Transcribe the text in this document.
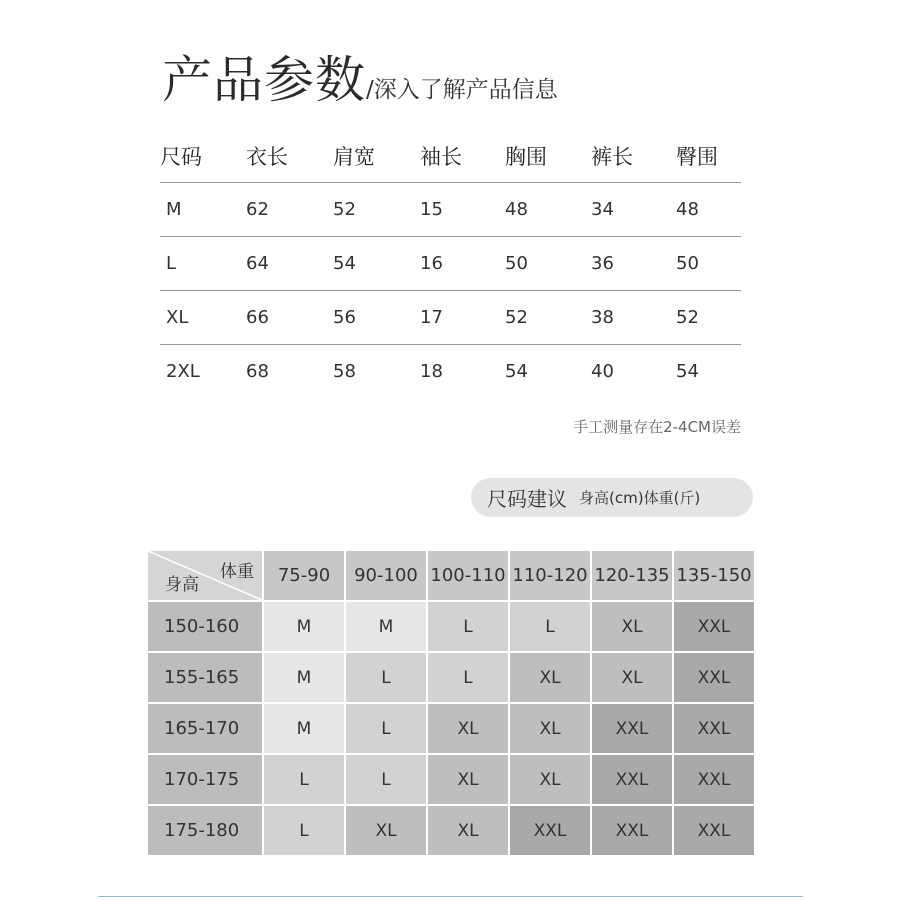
产品参数/深入了解产品信息
尺码	衣长	肩宽	袖长	胸围	裤长	臀围
M	62	52	15	48	34	48
L	64	54	16	50	36	50
XL	66	56	17	52	38	52
2XL	68	58	18	54	40	54
手工测量存在2-4CM误差
尺码建议 身高(cm)体重(斤)
体重
身高	75-90	90-100	100-110	110-120	120-135	135-150
150-160	M	M	L	L	XL	XXL
155-165	M	L	L	XL	XL	XXL
165-170	M	L	XL	XL	XXL	XXL
170-175	L	L	XL	XL	XXL	XXL
175-180	L	XL	XL	XXL	XXL	XXL
